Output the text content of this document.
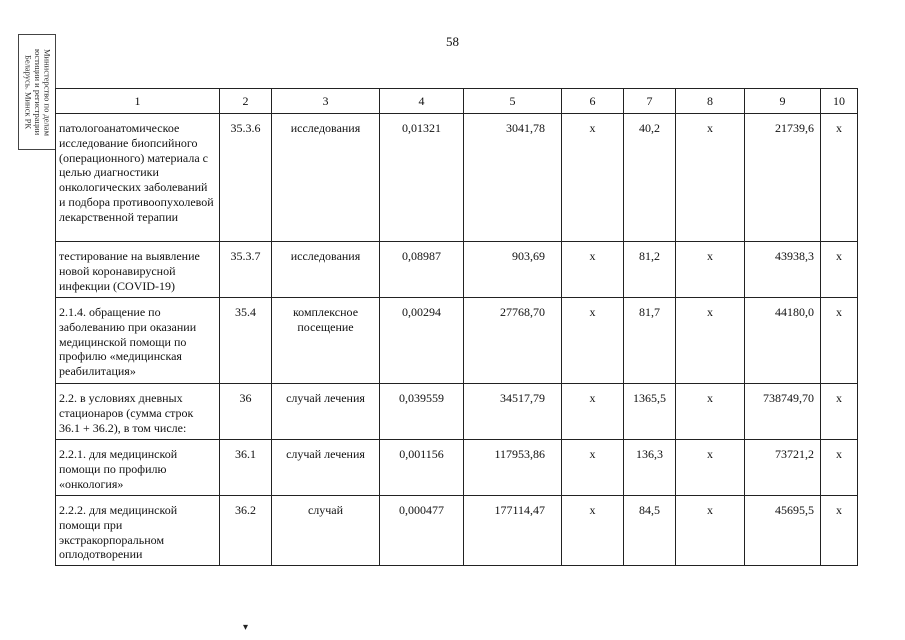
58
Министерство по делам
юстиции и регистрации
Беларусь. Минск РК
1	2	3	4	5	6	7	8	9	10
патологоанатомическое исследование биопсийного (операционного) материала с целью диагностики онкологических заболеваний и подбора противоопухолевой лекарственной терапии	35.3.6	исследования	0,01321	3041,78	х	40,2	х	21739,6	х
тестирование на выявление новой коронавирусной инфекции (COVID-19)	35.3.7	исследования	0,08987	903,69	х	81,2	х	43938,3	х
2.1.4. обращение по заболеванию при оказании медицинской помощи по профилю «медицинская реабилитация»	35.4	комплексное посещение	0,00294	27768,70	х	81,7	х	44180,0	х
2.2. в условиях дневных стационаров (сумма строк 36.1 + 36.2), в том числе:	36	случай лечения	0,039559	34517,79	х	1365,5	х	738749,70	х
2.2.1. для медицинской помощи по профилю «онкология»	36.1	случай лечения	0,001156	117953,86	х	136,3	х	73721,2	х
2.2.2. для медицинской помощи при экстракорпоральном оплодотворении	36.2	случай	0,000477	177114,47	х	84,5	х	45695,5	х
▾
